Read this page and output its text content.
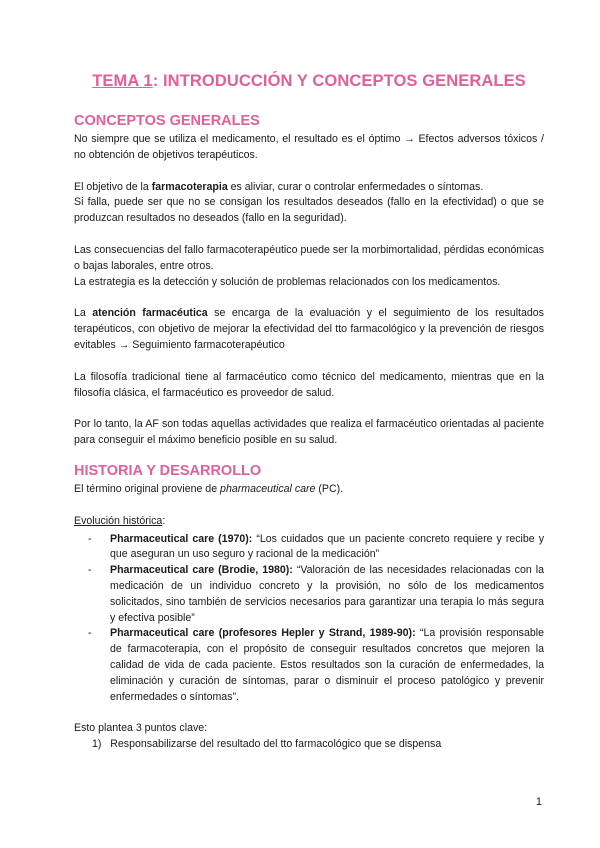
TEMA 1: INTRODUCCIÓN Y CONCEPTOS GENERALES
CONCEPTOS GENERALES

No siempre que se utiliza el medicamento, el resultado es el óptimo → Efectos adversos tóxicos / no obtención de objetivos terapéuticos.

El objetivo de la farmacoterapia es aliviar, curar o controlar enfermedades o síntomas.

Si falla, puede ser que no se consigan los resultados deseados (fallo en la efectividad) o que se produzcan resultados no deseados (fallo en la seguridad).

Las consecuencias del fallo farmacoterapéutico puede ser la morbimortalidad, pérdidas económicas o bajas laborales, entre otros.

La estrategia es la detección y solución de problemas relacionados con los medicamentos.

La atención farmacéutica se encarga de la evaluación y el seguimiento de los resultados terapéuticos, con objetivo de mejorar la efectividad del tto farmacológico y la prevención de riesgos evitables → Seguimiento farmacoterapéutico

La filosofía tradicional tiene al farmacéutico como técnico del medicamento, mientras que en la filosofía clásica, el farmacéutico es proveedor de salud.

Por lo tanto, la AF son todas aquellas actividades que realiza el farmacéutico orientadas al paciente para conseguir el máximo beneficio posible en su salud.

HISTORIA Y DESARROLLO

El término original proviene de pharmaceutical care (PC).

Evolución histórica:

- Pharmaceutical care (1970): “Los cuidados que un paciente concreto requiere y recibe y que aseguran un uso seguro y racional de la medicación”
- Pharmaceutical care (Brodie, 1980): “Valoración de las necesidades relacionadas con la medicación de un individuo concreto y la provisión, no sólo de los medicamentos solicitados, sino también de servicios necesarios para garantizar una terapia lo más segura y efectiva posible”
- Pharmaceutical care (profesores Hepler y Strand, 1989-90): “La provisión responsable de farmacoterapia, con el propósito de conseguir resultados concretos que mejoren la calidad de vida de cada paciente. Estos resultados son la curación de enfermedades, la eliminación y curación de síntomas, parar o disminuir el proceso patológico y prevenir enfermedades o síntomas”.

Esto plantea 3 puntos clave:

1) Responsabilizarse del resultado del tto farmacológico que se dispensa
1
